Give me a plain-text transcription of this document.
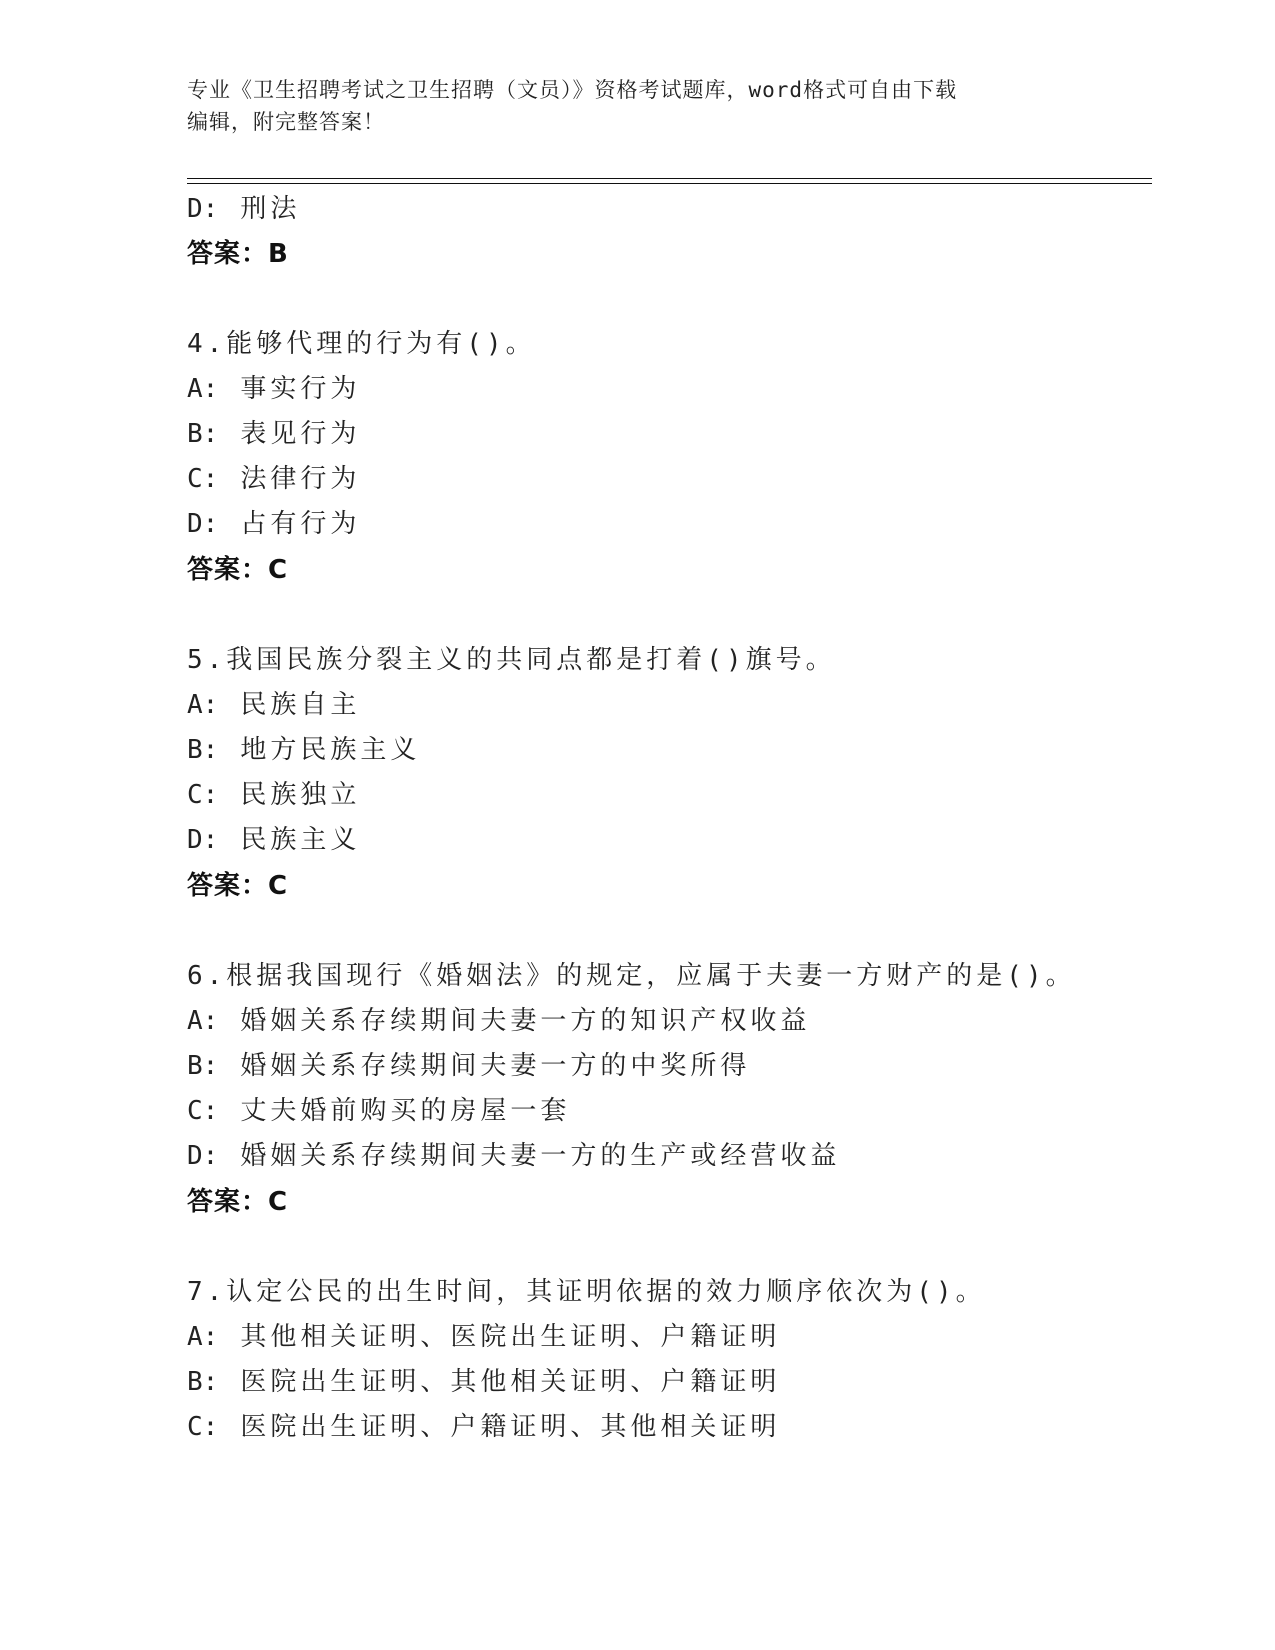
专业《卫生招聘考试之卫生招聘（文员）》资格考试题库，word格式可自由下载
编辑，附完整答案！
D: 刑法
答案：B
4.能够代理的行为有()。
A: 事实行为
B: 表见行为
C: 法律行为
D: 占有行为
答案：C
5.我国民族分裂主义的共同点都是打着()旗号。
A: 民族自主
B: 地方民族主义
C: 民族独立
D: 民族主义
答案：C
6.根据我国现行《婚姻法》的规定，应属于夫妻一方财产的是()。
A: 婚姻关系存续期间夫妻一方的知识产权收益
B: 婚姻关系存续期间夫妻一方的中奖所得
C: 丈夫婚前购买的房屋一套
D: 婚姻关系存续期间夫妻一方的生产或经营收益
答案：C
7.认定公民的出生时间，其证明依据的效力顺序依次为()。
A: 其他相关证明、医院出生证明、户籍证明
B: 医院出生证明、其他相关证明、户籍证明
C: 医院出生证明、户籍证明、其他相关证明
